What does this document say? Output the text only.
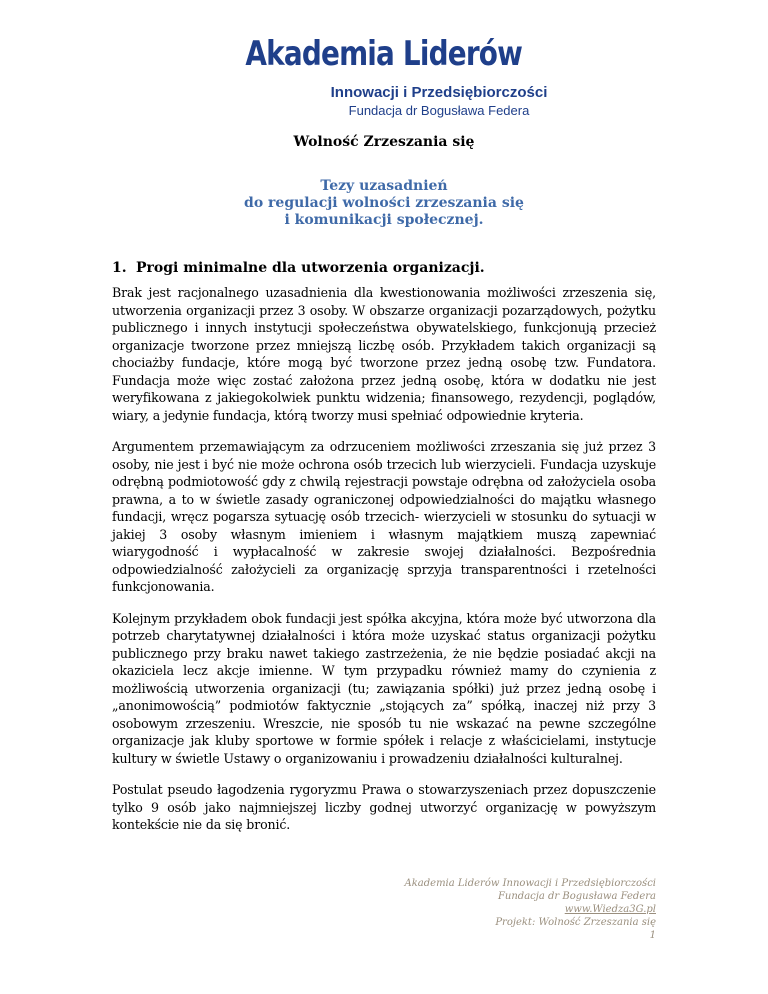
Akademia Liderów
Innowacji i Przedsiębiorczości
Fundacja dr Bogusława Federa
Wolność Zrzeszania się
Tezy uzasadnień
do regulacji wolności zrzeszania się
i komunikacji społecznej.
1. Progi minimalne dla utworzenia organizacji.

Brak jest racjonalnego uzasadnienia dla kwestionowania możliwości zrzeszenia się, utworzenia organizacji przez 3 osoby. W obszarze organizacji pozarządowych, pożytku publicznego i innych instytucji społeczeństwa obywatelskiego, funkcjonują przecież organizacje tworzone przez mniejszą liczbę osób. Przykładem takich organizacji są chociażby fundacje, które mogą być tworzone przez jedną osobę tzw. Fundatora. Fundacja może więc zostać założona przez jedną osobę, która w dodatku nie jest weryfikowana z jakiegokolwiek punktu widzenia; finansowego, rezydencji, poglądów, wiary, a jedynie fundacja, którą tworzy musi spełniać odpowiednie kryteria.

Argumentem przemawiającym za odrzuceniem możliwości zrzeszania się już przez 3 osoby, nie jest i być nie może ochrona osób trzecich lub wierzycieli. Fundacja uzyskuje odrębną podmiotowość gdy z chwilą rejestracji powstaje odrębna od założyciela osoba prawna, a to w świetle zasady ograniczonej odpowiedzialności do majątku własnego fundacji, wręcz pogarsza sytuację osób trzecich- wierzycieli w stosunku do sytuacji w jakiej 3 osoby własnym imieniem i własnym majątkiem muszą zapewniać wiarygodność i wypłacalność w zakresie swojej działalności. Bezpośrednia odpowiedzialność założycieli za organizację sprzyja transparentności i rzetelności funkcjonowania.

Kolejnym przykładem obok fundacji jest spółka akcyjna, która może być utworzona dla potrzeb charytatywnej działalności i która może uzyskać status organizacji pożytku publicznego przy braku nawet takiego zastrzeżenia, że nie będzie posiadać akcji na okaziciela lecz akcje imienne. W tym przypadku również mamy do czynienia z możliwością utworzenia organizacji (tu; zawiązania spółki) już przez jedną osobę i „anonimowością” podmiotów faktycznie „stojących za” spółką, inaczej niż przy 3 osobowym zrzeszeniu. Wreszcie, nie sposób tu nie wskazać na pewne szczególne organizacje jak kluby sportowe w formie spółek i relacje z właścicielami, instytucje kultury w świetle Ustawy o organizowaniu i prowadzeniu działalności kulturalnej.

Postulat pseudo łagodzenia rygoryzmu Prawa o stowarzyszeniach przez dopuszczenie tylko 9 osób jako najmniejszej liczby godnej utworzyć organizację w powyższym kontekście nie da się bronić.

Akademia Liderów Innowacji i Przedsiębiorczości
Fundacja dr Bogusława Federa
www.Wiedza3G.pl
Projekt: Wolność Zrzeszania się
1
